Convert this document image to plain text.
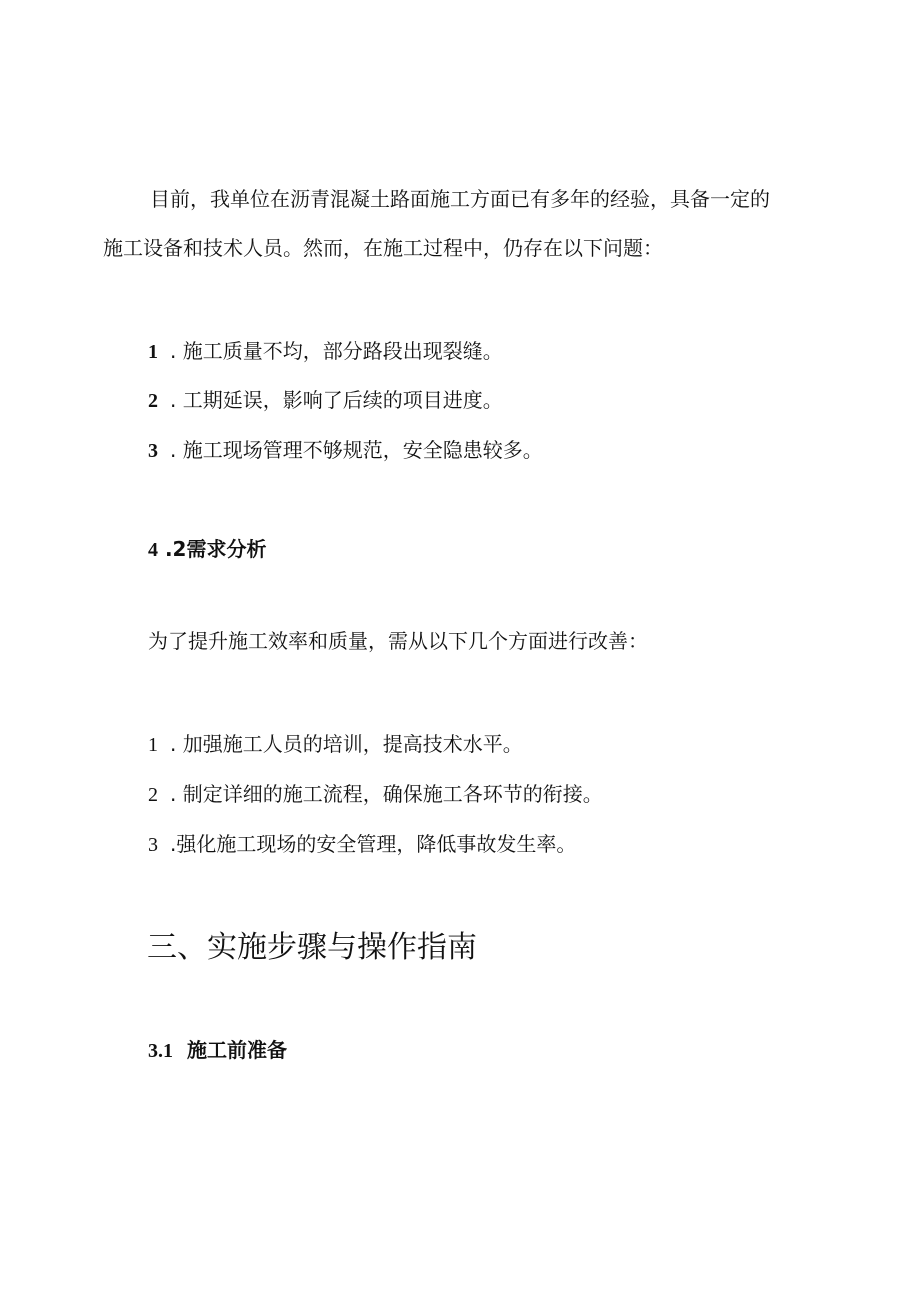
目前，我单位在沥青混凝土路面施工方面已有多年的经验，具备一定的
施工设备和技术人员。然而，在施工过程中，仍存在以下问题：
1 . 施工质量不均，部分路段出现裂缝。
2 . 工期延误，影响了后续的项目进度。
3 . 施工现场管理不够规范，安全隐患较多。
4 .2需求分析
为了提升施工效率和质量，需从以下几个方面进行改善：
1 . 加强施工人员的培训，提高技术水平。
2 . 制定详细的施工流程，确保施工各环节的衔接。
3 .强化施工现场的安全管理，降低事故发生率。
三、实施步骤与操作指南
3.1 施工前准备
